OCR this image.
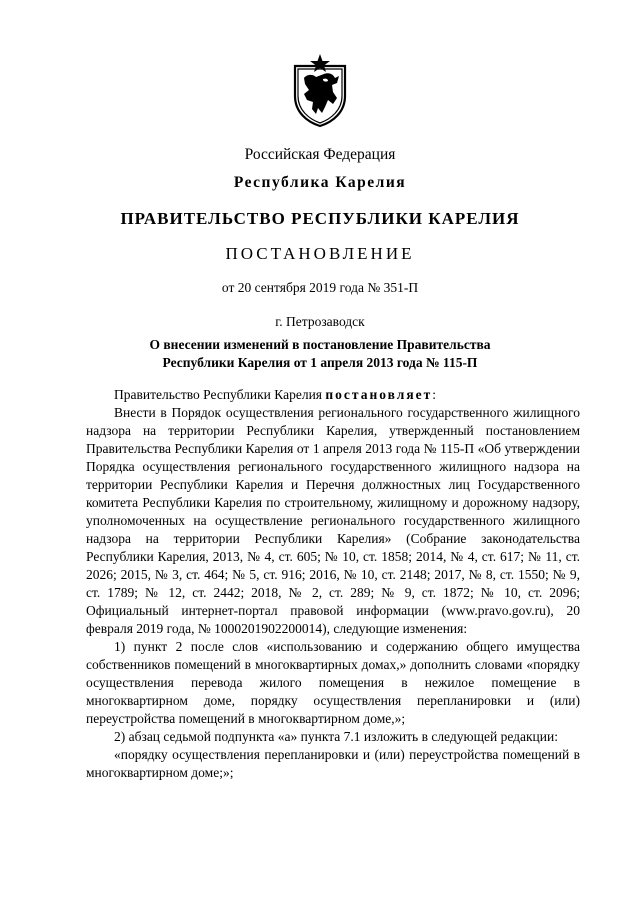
Российская Федерация
Республика Карелия
ПРАВИТЕЛЬСТВО РЕСПУБЛИКИ КАРЕЛИЯ
ПОСТАНОВЛЕНИЕ
от 20 сентября 2019 года № 351-П
г. Петрозаводск
О внесении изменений в постановление Правительства
Республики Карелия от 1 апреля 2013 года № 115-П

Правительство Республики Карелия постановляет:

Внести в Порядок осуществления регионального государственного жилищного надзора на территории Республики Карелия, утвержденный постановлением Правительства Республики Карелия от 1 апреля 2013 года № 115-П «Об утверждении Порядка осуществления регионального государственного жилищного надзора на территории Республики Карелия и Перечня должностных лиц Государственного комитета Республики Карелия по строительному, жилищному и дорожному надзору, уполномоченных на осуществление регионального государственного жилищного надзора на территории Республики Карелия» (Собрание законодательства Республики Карелия, 2013, № 4, ст. 605; № 10, ст. 1858; 2014, № 4, ст. 617; № 11, ст. 2026; 2015, № 3, ст. 464; № 5, ст. 916; 2016, № 10, ст. 2148; 2017, № 8, ст. 1550; № 9, ст. 1789; № 12, ст. 2442; 2018, № 2, ст. 289; № 9, ст. 1872; № 10, ст. 2096; Официальный интернет-портал правовой информации (www.pravo.gov.ru), 20 февраля 2019 года, № 1000201902200014), следующие изменения:

1) пункт 2 после слов «использованию и содержанию общего имущества собственников помещений в многоквартирных домах,» дополнить словами «порядку осуществления перевода жилого помещения в нежилое помещение в многоквартирном доме, порядку осуществления перепланировки и (или) переустройства помещений в многоквартирном доме,»;

2) абзац седьмой подпункта «а» пункта 7.1 изложить в следующей редакции:

«порядку осуществления перепланировки и (или) переустройства помещений в многоквартирном доме;»;
